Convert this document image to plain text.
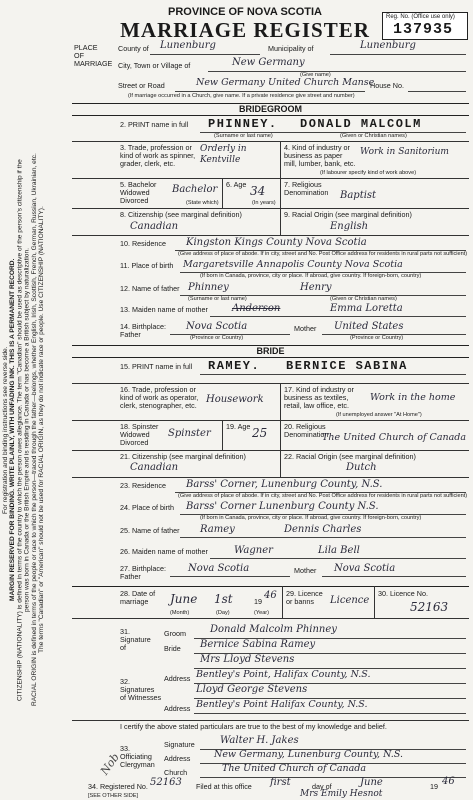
For registration and binding instructions see reverse side. MARGIN RESERVED FOR BINDING. WRITE PLAINLY, WITH UNFADING INK. THIS IS A PERMANENT RECORD. CITIZENSHIP (NATIONALITY) is defined in terms of the country to which the person owes allegiance. The term "Canadian" should be used as descriptive of the person's citizenship if the person was born in Canada or the British Empire and is residing in Canada or has become a British subject by naturalization. RACIAL ORIGIN is defined in terms of the people or race to which the person—traced through the father—belongs, whether English, Irish, Scottish, French, German, Russian, Ukrainian, etc. The terms "Canadian" or "American" should not be used for RACIAL ORIGIN, as they do not indicate race or people. Use CITIZENSHIP (NATIONALITY).
PROVINCE OF NOVA SCOTIA
MARRIAGE REGISTER
Reg. No. (Office use only)
137935
PLACE OF MARRIAGE
County of Lunenburg	Municipality of	Lunenburg
City, Town or Village of	New Germany
(Give name)
Street or Road	New Germany United Church Manse
House No.
(If marriage occurred in a Church, give name. If a private residence give street and number)
BRIDEGROOM
2. PRINT name in full PHINNEY. DONALD MALCOLM
(Surname or last name)	(Given or Christian names)
3. Trade, profession or kind of work as spinner, grader, clerk, etc.
Orderly in Kentville
4. Kind of industry or business as paper mill, lumber, bank, etc.
Work in Sanitorium
(If labourer specify kind of work above)
5. Bachelor Widowed Divorced
Bachelor
(State which)
6. Age 34
(In years)
7. Religious Denomination	Baptist
8. Citizenship (see marginal definition)
Canadian
9. Racial Origin (see marginal definition)
English
10. Residence Kingston Kings County Nova Scotia
(Give address of place of abode. If in city, street and No. Post Office address for residents in rural parts not sufficient)
11. Place of birth Margaretsville Annapolis County Nova Scotia
(If born in Canada, province, city or place. If abroad, give country. If foreign-born, country)
12. Name of father Phinney	Henry
(Surname or last name)	(Given or Christian names)
13. Maiden name of mother Anderson	Emma Loretta
14. Birthplace: Father
Nova Scotia	Mother United States
(Province or Country)	(Province or Country)
BRIDE
15. PRINT name in full RAMEY. BERNICE SABINA
16. Trade, profession or kind of work as operator, clerk, stenographer, etc.
Housework
17. Kind of industry or business as textiles, retail, law office, etc.
Work in the home
(If unemployed answer "At Home")
18. Spinster Widowed Divorced
Spinster
19. Age 25 20. Religious Denomination
The United Church of Canada
21. Citizenship (see marginal definition)
Canadian
22. Racial Origin (see marginal definition)
Dutch
23. Residence Barss' Corner, Lunenburg County, N.S.
(Give address of place of abode. If in city, street and No. Post Office address for residents in rural parts not sufficient)
24. Place of birth Barss' Corner Lunenburg County N.S.
(If born in Canada, province, city or place. If abroad, give country. If foreign-born, country)
25. Name of father Ramey	Dennis Charles
26. Maiden name of mother	Wagner	Lila Bell
27. Birthplace: Father
Nova Scotia	Mother Nova Scotia
28. Date of marriage	June 1st	19
46
(Month)	(Day)	(Year)
29. Licence or banns	Licence
30. Licence No.
52163
31. Signature of
Groom Donald Malcolm Phinney
Bride Bernice Sabina Ramey
32. Signatures of Witnesses
Mrs Lloyd Stevens
Address Bentley's Point, Halifax County, N.S.
Lloyd George Stevens
Address Bentley's Point Halifax County, N.S.
I certify the above stated particulars are true to the best of my knowledge and belief.
33. Officiating Clergyman
Signature	Walter H. Jakes
Address New Germany, Lunenburg County, N.S.
Church	The United Church of Canada
34. Registered No. 52163 Filed at this office first	day of	June	19 46
Mrs Emily Hesnot
[SEE OTHER SIDE]
Nob
